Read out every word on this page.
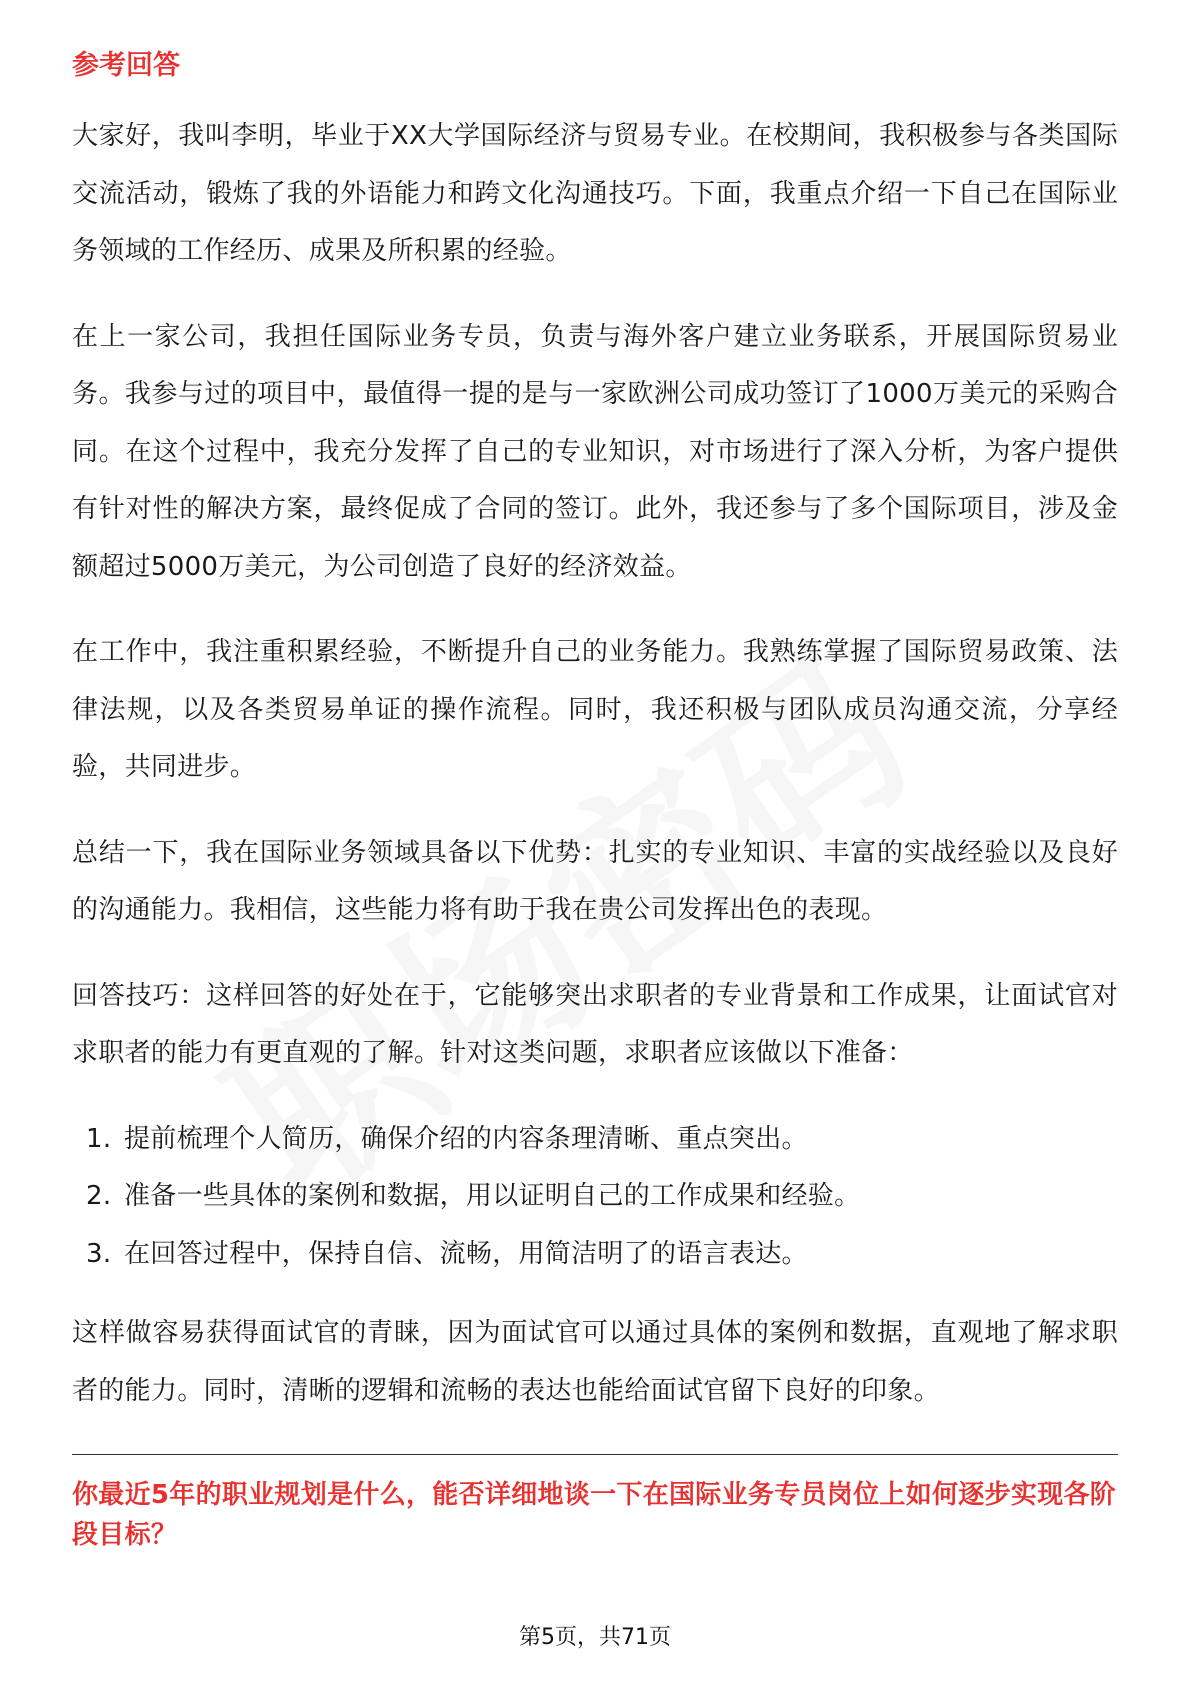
参考回答

大家好，我叫李明，毕业于XX大学国际经济与贸易专业。在校期间，我积极参与各类国际交流活动，锻炼了我的外语能力和跨文化沟通技巧。下面，我重点介绍一下自己在国际业务领域的工作经历、成果及所积累的经验。

在上一家公司，我担任国际业务专员，负责与海外客户建立业务联系，开展国际贸易业务。我参与过的项目中，最值得一提的是与一家欧洲公司成功签订了1000万美元的采购合同。在这个过程中，我充分发挥了自己的专业知识，对市场进行了深入分析，为客户提供有针对性的解决方案，最终促成了合同的签订。此外，我还参与了多个国际项目，涉及金额超过5000万美元，为公司创造了良好的经济效益。

在工作中，我注重积累经验，不断提升自己的业务能力。我熟练掌握了国际贸易政策、法律法规，以及各类贸易单证的操作流程。同时，我还积极与团队成员沟通交流，分享经验，共同进步。

总结一下，我在国际业务领域具备以下优势：扎实的专业知识、丰富的实战经验以及良好的沟通能力。我相信，这些能力将有助于我在贵公司发挥出色的表现。

回答技巧：这样回答的好处在于，它能够突出求职者的专业背景和工作成果，让面试官对求职者的能力有更直观的了解。针对这类问题，求职者应该做以下准备：

1. 提前梳理个人简历，确保介绍的内容条理清晰、重点突出。
2. 准备一些具体的案例和数据，用以证明自己的工作成果和经验。
3. 在回答过程中，保持自信、流畅，用简洁明了的语言表达。

这样做容易获得面试官的青睐，因为面试官可以通过具体的案例和数据，直观地了解求职者的能力。同时，清晰的逻辑和流畅的表达也能给面试官留下良好的印象。

你最近5年的职业规划是什么，能否详细地谈一下在国际业务专员岗位上如何逐步实现各阶段目标？

第5页，共71页
